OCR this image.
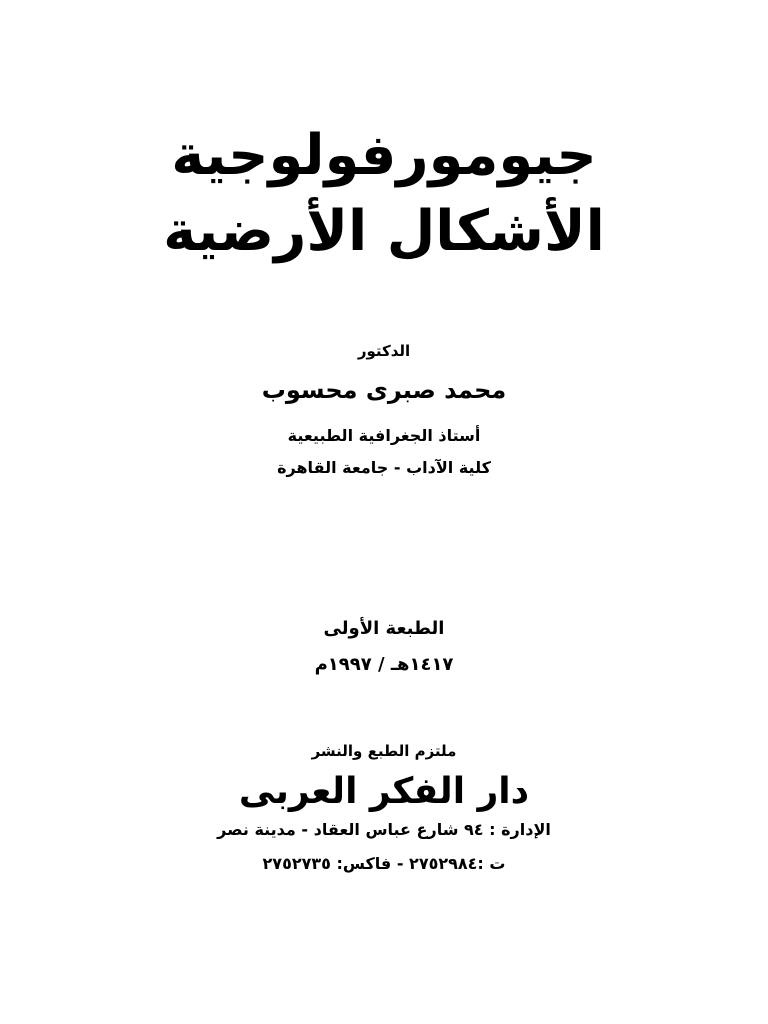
جيومورفولوجية
الأشكال الأرضية
الدكتور
محمد صبرى محسوب
أستاذ الجغرافية الطبيعية
كلية الآداب - جامعة القاهرة
الطبعة الأولى
١٤١٧هـ / ١٩٩٧م
ملتزم الطبع والنشر
دار الفكر العربى
الإدارة : ٩٤ شارع عباس العقاد - مدينة نصر
ت :٢٧٥٢٩٨٤ - فاكس: ٢٧٥٢٧٣٥
